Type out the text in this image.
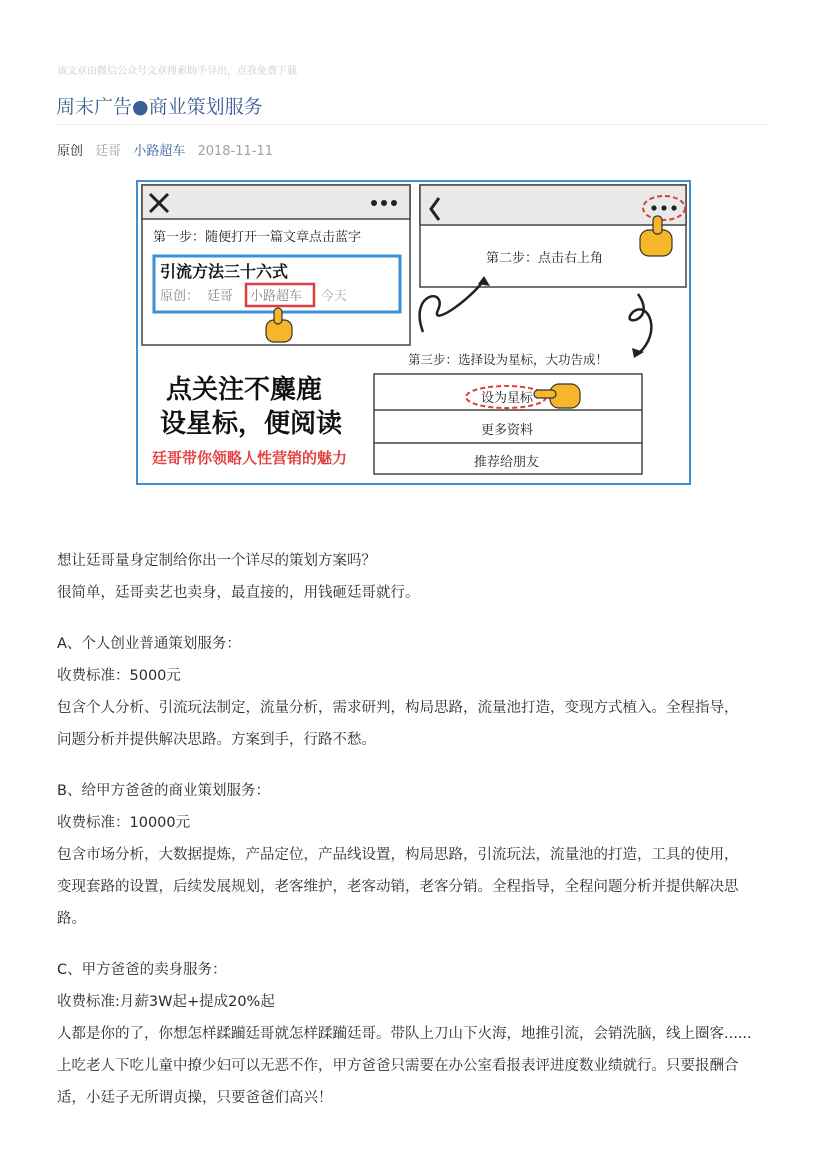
该文章由微信公众号文章搜索助手导出，点我免费下载
周末广告●商业策划服务
原创 廷哥 小路超车 2018-11-11
第一步：随便打开一篇文章点击蓝字
引流方法三十六式
原创： 廷哥 小路超车 今天
第二步：点击右上角
第三步：选择设为星标，大功告成！
设为星标
更多资料
推荐给朋友
点关注不麋鹿
设星标，便阅读
廷哥带你领略人性营销的魅力

想让廷哥量身定制给你出一个详尽的策划方案吗？

很简单，廷哥卖艺也卖身，最直接的，用钱砸廷哥就行。

A、个人创业普通策划服务：

收费标准：5000元

包含个人分析、引流玩法制定，流量分析，需求研判，构局思路，流量池打造，变现方式植入。全程指导，

问题分析并提供解决思路。方案到手，行路不愁。

B、给甲方爸爸的商业策划服务：

收费标准：10000元

包含市场分析，大数据提炼，产品定位，产品线设置，构局思路，引流玩法，流量池的打造，工具的使用，

变现套路的设置，后续发展规划，老客维护，老客动销，老客分销。全程指导，全程问题分析并提供解决思

路。

C、甲方爸爸的卖身服务：

收费标准:月薪3W起+提成20%起

人都是你的了，你想怎样蹂躏廷哥就怎样蹂躏廷哥。带队上刀山下火海，地推引流，会销洗脑，线上圈客......

上吃老人下吃儿童中撩少妇可以无恶不作，甲方爸爸只需要在办公室看报表评进度数业绩就行。只要报酬合

适，小廷子无所谓贞操，只要爸爸们高兴！
